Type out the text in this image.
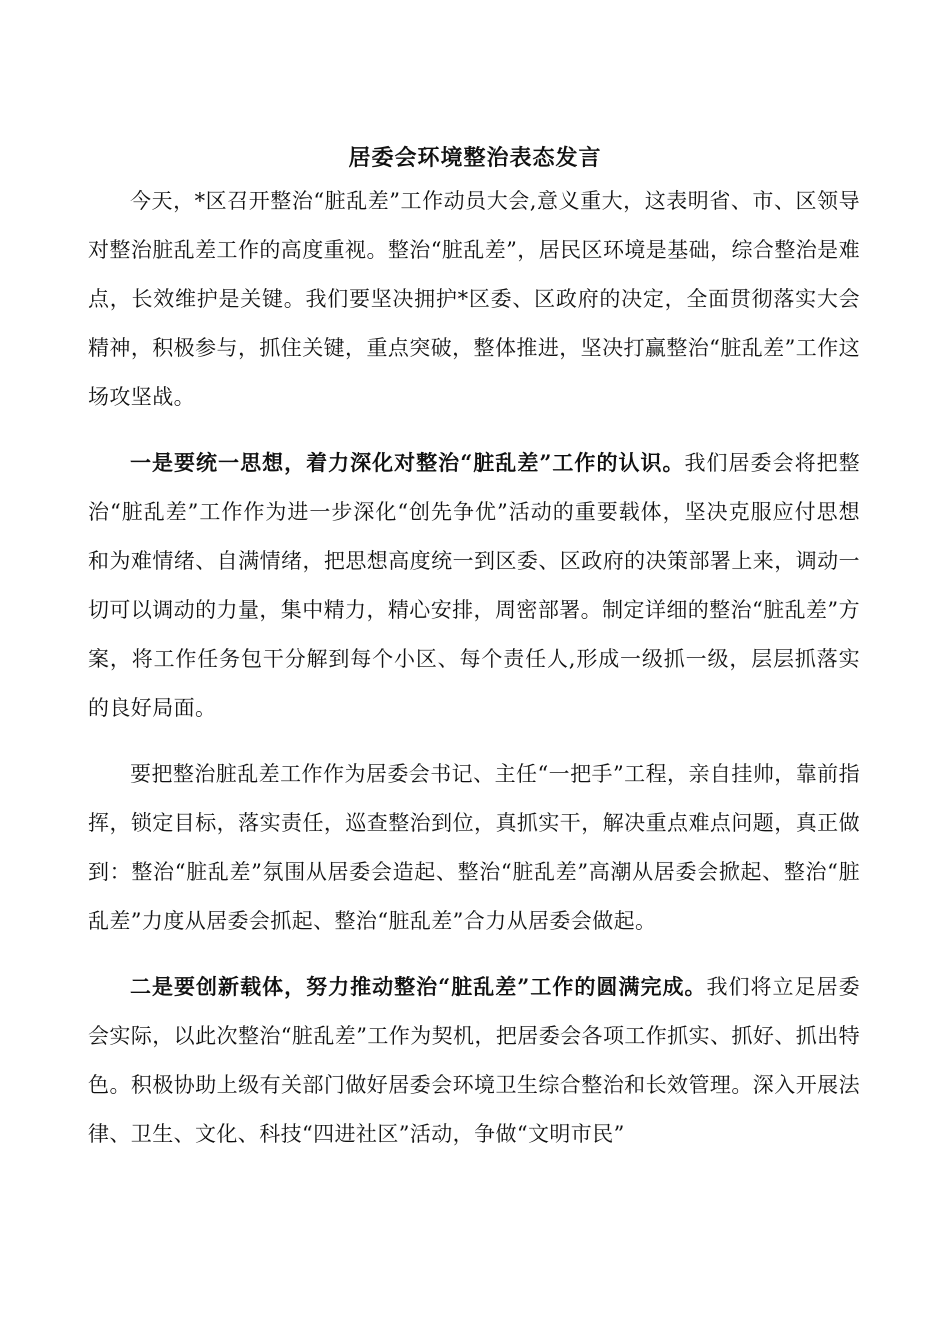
居委会环境整治表态发言

今天，*区召开整治“脏乱差”工作动员大会,意义重大，这表明省、市、区领导对整治脏乱差工作的高度重视。整治“脏乱差”，居民区环境是基础，综合整治是难点，长效维护是关键。我们要坚决拥护*区委、区政府的决定，全面贯彻落实大会精神，积极参与，抓住关键，重点突破，整体推进，坚决打赢整治“脏乱差”工作这场攻坚战。

一是要统一思想，着力深化对整治“脏乱差”工作的认识。我们居委会将把整治“脏乱差”工作作为进一步深化“创先争优”活动的重要载体，坚决克服应付思想和为难情绪、自满情绪，把思想高度统一到区委、区政府的决策部署上来，调动一切可以调动的力量，集中精力，精心安排，周密部署。制定详细的整治“脏乱差”方案，将工作任务包干分解到每个小区、每个责任人,形成一级抓一级，层层抓落实的良好局面。

要把整治脏乱差工作作为居委会书记、主任“一把手”工程，亲自挂帅，靠前指挥，锁定目标，落实责任，巡查整治到位，真抓实干，解决重点难点问题，真正做到：整治“脏乱差”氛围从居委会造起、整治“脏乱差”高潮从居委会掀起、整治“脏乱差”力度从居委会抓起、整治“脏乱差”合力从居委会做起。

二是要创新载体，努力推动整治“脏乱差”工作的圆满完成。我们将立足居委会实际，以此次整治“脏乱差”工作为契机，把居委会各项工作抓实、抓好、抓出特色。积极协助上级有关部门做好居委会环境卫生综合整治和长效管理。深入开展法律、卫生、文化、科技“四进社区”活动，争做“文明市民”
